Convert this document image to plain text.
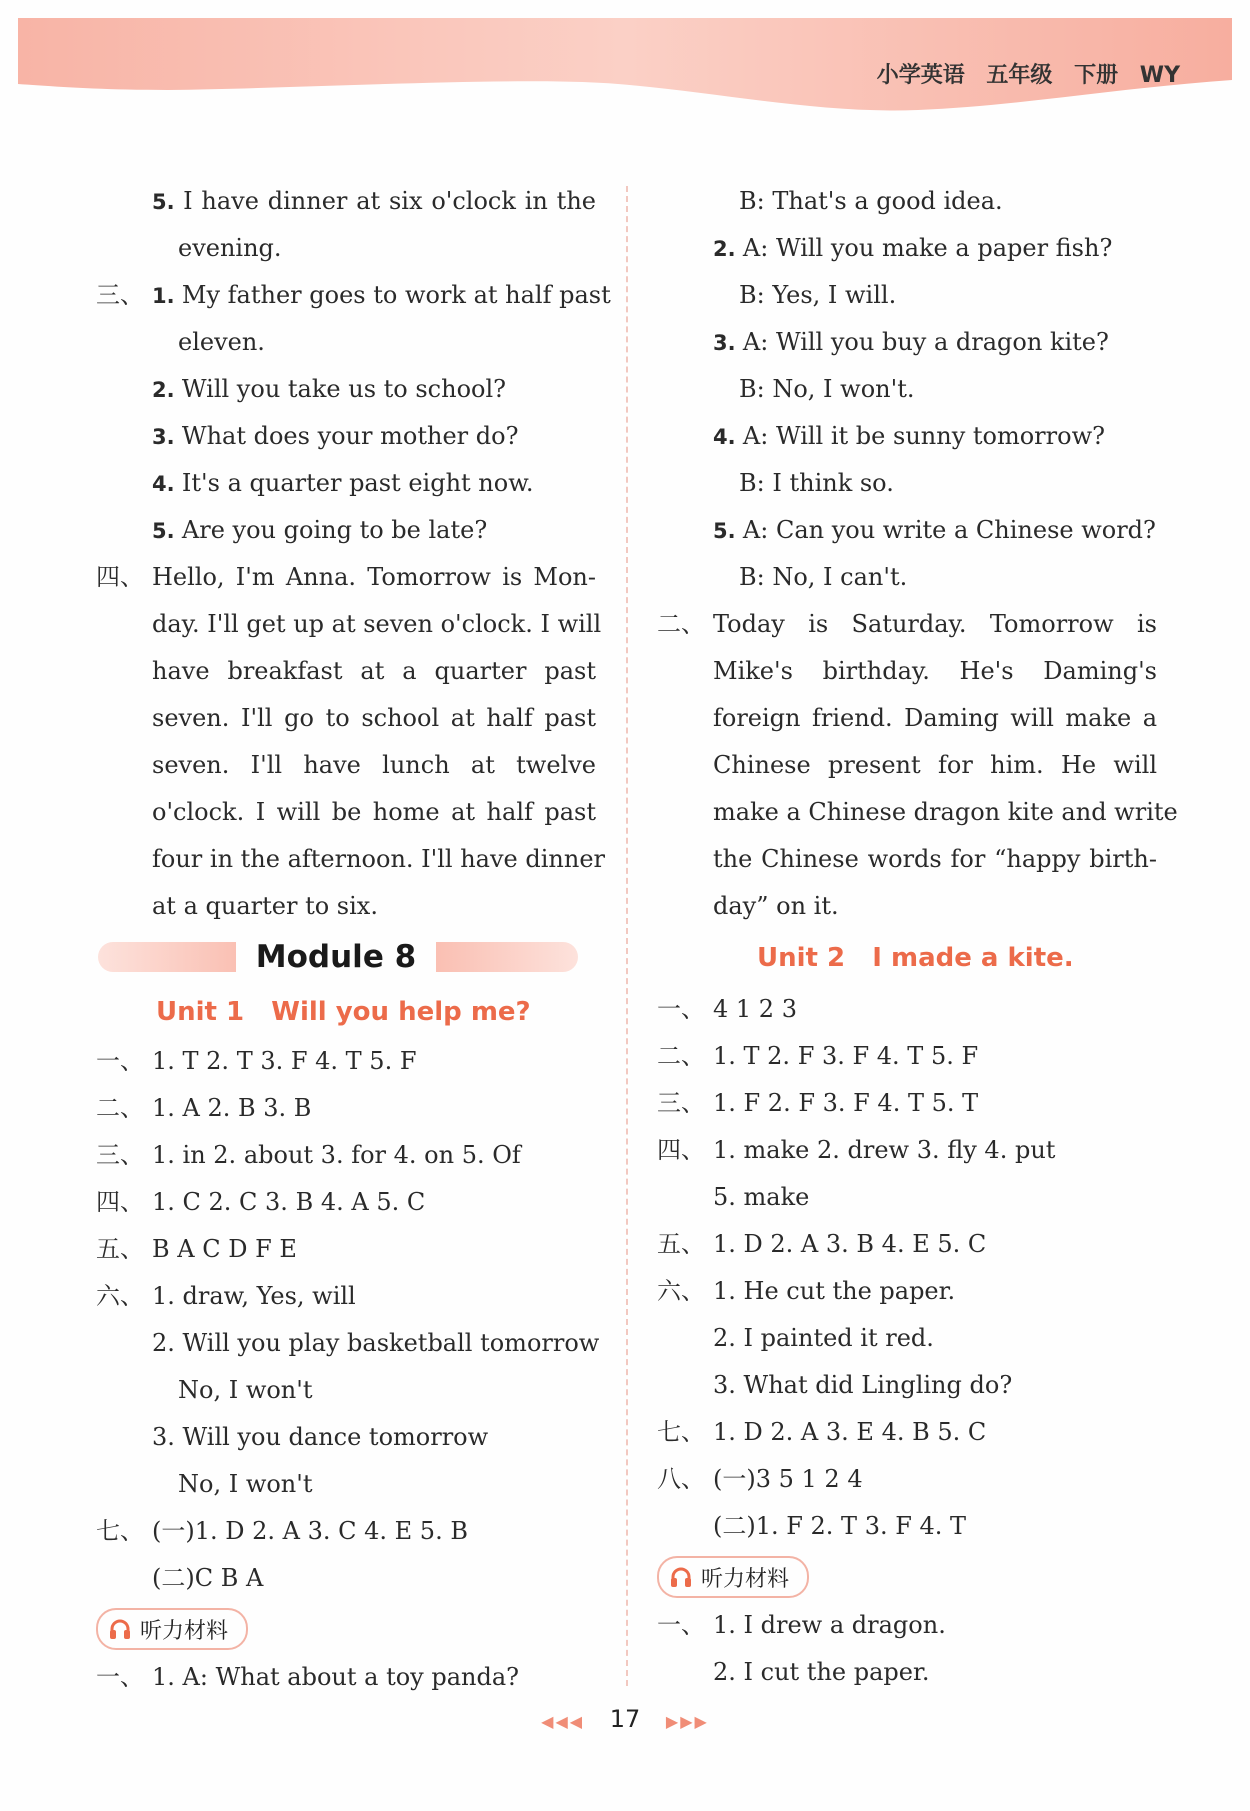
小学英语 五年级 下册 WY
5. I have dinner at six o'clock in the
evening.
三、 1. My father goes to work at half past
eleven.
2. Will you take us to school?
3. What does your mother do?
4. It's a quarter past eight now.
5. Are you going to be late?
四、 Hello, I'm Anna. Tomorrow is Mon-
day. I'll get up at seven o'clock. I will
have breakfast at a quarter past
seven. I'll go to school at half past
seven. I'll have lunch at twelve
o'clock. I will be home at half past
four in the afternoon. I'll have dinner
at a quarter to six.
Module 8
Unit 1   Will you help me?
一、 1. T 2. T 3. F 4. T 5. F
二、 1. A 2. B 3. B
三、 1. in 2. about 3. for 4. on 5. Of
四、 1. C 2. C 3. B 4. A 5. C
五、 B A C D F E
六、 1. draw, Yes, will
2. Will you play basketball tomorrow
No, I won't
3. Will you dance tomorrow
No, I won't
七、 (一)1. D 2. A 3. C 4. E 5. B
(二)C B A
听力材料
一、 1. A: What about a toy panda?
B: That's a good idea.
2. A: Will you make a paper fish?
B: Yes, I will.
3. A: Will you buy a dragon kite?
B: No, I won't.
4. A: Will it be sunny tomorrow?
B: I think so.
5. A: Can you write a Chinese word?
B: No, I can't.
二、 Today is Saturday. Tomorrow is
Mike's birthday. He's Daming's
foreign friend. Daming will make a
Chinese present for him. He will
make a Chinese dragon kite and write
the Chinese words for “happy birth-
day” on it.
Unit 2   I made a kite.
一、 4 1 2 3
二、 1. T 2. F 3. F 4. T 5. F
三、 1. F 2. F 3. F 4. T 5. T
四、 1. make 2. drew 3. fly 4. put
5. make
五、 1. D 2. A 3. B 4. E 5. C
六、 1. He cut the paper.
2. I painted it red.
3. What did Lingling do?
七、 1. D 2. A 3. E 4. B 5. C
八、 (一)3 5 1 2 4
(二)1. F 2. T 3. F 4. T
听力材料
一、 1. I drew a dragon.
2. I cut the paper.
◀◀◀ 17 ▶▶▶
